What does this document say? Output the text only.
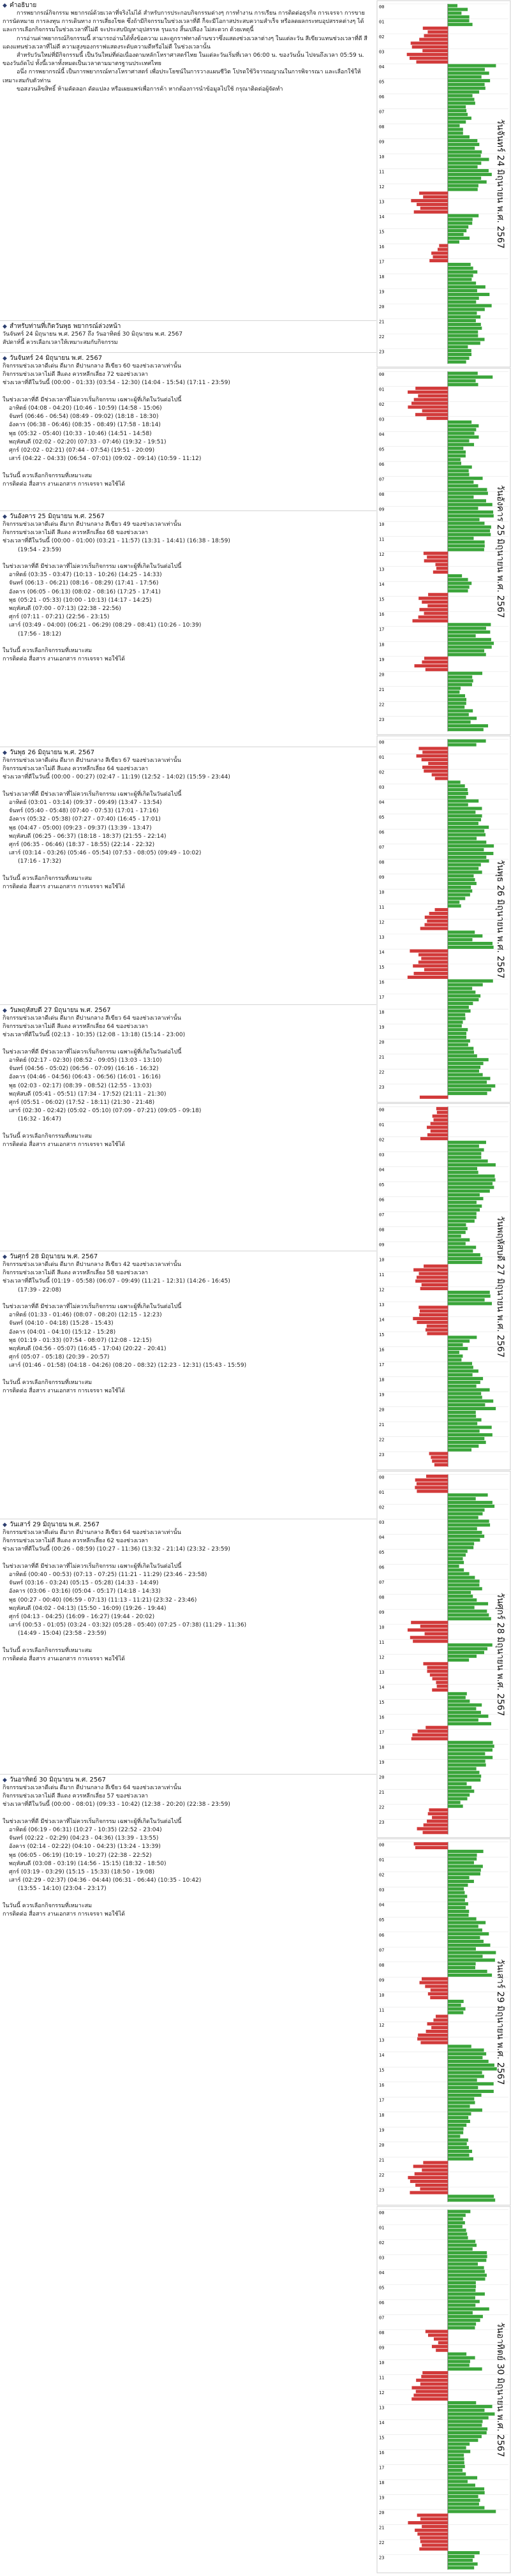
◆ คำอธิบาย

การพยากรณ์กิจกรรม พยากรณ์ด้วยเวลาที่จริงไม่ได้ สำหรับการประกอบกิจกรรมต่างๆ การทำงาน การเรียน การติดต่อธุรกิจ การเจรจา การขาย การนัดหมาย การลงทุน การเดินทาง การเสี่ยงโชค ซึ่งถ้ามีกิจกรรมในช่วงเวลาที่ดี ก็จะมีโอกาสประสบความสำเร็จ หรือลดผลกระทบอุปสรรคต่างๆ ได้ และการเลือกกิจกรรมในช่วงเวลาที่ไม่ดี จะประสบปัญหาอุปสรรค รุนแรง สิ้นเปลือง ไม่สะดวก ด้วยเหตุนี้

การอ่านค่าพยากรณ์กิจกรรมนี้ สามารถอ่านได้ทั้งข้อความ และดูกราฟทางด้านขวาซึ่งแสดงช่วงเวลาต่างๆ ในแต่ละวัน สีเขียวแทนช่วงเวลาที่ดี สีแดงแทนช่วงเวลาที่ไม่ดี ความสูงของกราฟแสดงระดับความดีหรือไม่ดี ในช่วงเวลานั้น

สำหรับวันใหม่ที่มีกิจกรรมนี้ เป็นวันใหม่ที่ต่อเนื่องตามหลักโหราศาสตร์ไทย ในแต่ละวันเริ่มที่เวลา 06:00 น. ของวันนั้น ไปจนถึงเวลา 05:59 น. ของวันถัดไป ทั้งนี้เวลาทั้งหมดเป็นเวลาตามมาตรฐานประเทศไทย

อนึ่ง การพยากรณ์นี้ เป็นการพยากรณ์ทางโหราศาสตร์ เพื่อประโยชน์ในการวางแผนชีวิต โปรดใช้วิจารณญาณในการพิจารณา และเลือกใช้ให้เหมาะสมกับตัวท่าน

ขอสงวนลิขสิทธิ์ ห้ามคัดลอก ดัดแปลง หรือเผยแพร่เพื่อการค้า หากต้องการนำข้อมูลไปใช้ กรุณาติดต่อผู้จัดทำ

◆ สำหรับท่านที่เกิดวันพุธ พยากรณ์ล่วงหน้า

วันจันทร์ 24 มิถุนายน พ.ศ. 2567 ถึง วันอาทิตย์ 30 มิถุนายน พ.ศ. 2567

สัปดาห์นี้ ควรเลือกเวลาให้เหมาะสมกับกิจกรรม

◆ วันจันทร์ 24 มิถุนายน พ.ศ. 2567

กิจกรรมช่วงเวลาดีเด่น ดีมาก ดีปานกลาง สีเขียว 60 ของช่วงเวลาเท่านั้น

กิจกรรมช่วงเวลาไม่ดี สีแดง ควรหลีกเลี่ยง 72 ของช่วงเวลา

ช่วงเวลาที่ดีในวันนี้ (00:00 - 01:33) (03:54 - 12:30) (14:04 - 15:54) (17:11 - 23:59)

ในช่วงเวลาที่ดี มีช่วงเวลาที่ไม่ควรเริ่มกิจกรรม เฉพาะผู้ที่เกิดในวันต่อไปนี้

อาทิตย์ (04:08 - 04:20) (10:46 - 10:59) (14:58 - 15:06)

จันทร์ (06:46 - 06:54) (08:49 - 09:02) (18:18 - 18:30)

อังคาร (06:38 - 06:46) (08:35 - 08:49) (17:58 - 18:14)

พุธ (05:32 - 05:40) (10:33 - 10:46) (14:51 - 14:58)

พฤหัสบดี (02:02 - 02:20) (07:33 - 07:46) (19:32 - 19:51)

ศุกร์ (02:02 - 02:21) (07:44 - 07:54) (19:51 - 20:09)

เสาร์ (04:22 - 04:33) (06:54 - 07:01) (09:02 - 09:14) (10:59 - 11:12)

ในวันนี้ ควรเลือกกิจกรรมที่เหมาะสม

การติดต่อ สื่อสาร งานเอกสาร การเจรจา พอใช้ได้

◆ วันอังคาร 25 มิถุนายน พ.ศ. 2567

กิจกรรมช่วงเวลาดีเด่น ดีมาก ดีปานกลาง สีเขียว 49 ของช่วงเวลาเท่านั้น

กิจกรรมช่วงเวลาไม่ดี สีแดง ควรหลีกเลี่ยง 68 ของช่วงเวลา

ช่วงเวลาที่ดีในวันนี้ (00:00 - 01:00) (03:21 - 11:57) (13:31 - 14:41) (16:38 - 18:59)

(19:54 - 23:59)

ในช่วงเวลาที่ดี มีช่วงเวลาที่ไม่ควรเริ่มกิจกรรม เฉพาะผู้ที่เกิดในวันต่อไปนี้

อาทิตย์ (03:35 - 03:47) (10:13 - 10:26) (14:25 - 14:33)

จันทร์ (06:13 - 06:21) (08:16 - 08:29) (17:41 - 17:56)

อังคาร (06:05 - 06:13) (08:02 - 08:16) (17:25 - 17:41)

พุธ (05:21 - 05:33) (10:00 - 10:13) (14:17 - 14:25)

พฤหัสบดี (07:00 - 07:13) (22:38 - 22:56)

ศุกร์ (07:11 - 07:21) (22:56 - 23:15)

เสาร์ (03:49 - 04:00) (06:21 - 06:29) (08:29 - 08:41) (10:26 - 10:39)

(17:56 - 18:12)

ในวันนี้ ควรเลือกกิจกรรมที่เหมาะสม

การติดต่อ สื่อสาร งานเอกสาร การเจรจา พอใช้ได้

◆ วันพุธ 26 มิถุนายน พ.ศ. 2567

กิจกรรมช่วงเวลาดีเด่น ดีมาก ดีปานกลาง สีเขียว 67 ของช่วงเวลาเท่านั้น

กิจกรรมช่วงเวลาไม่ดี สีแดง ควรหลีกเลี่ยง 64 ของช่วงเวลา

ช่วงเวลาที่ดีในวันนี้ (00:00 - 00:27) (02:47 - 11:19) (12:52 - 14:02) (15:59 - 23:44)

ในช่วงเวลาที่ดี มีช่วงเวลาที่ไม่ควรเริ่มกิจกรรม เฉพาะผู้ที่เกิดในวันต่อไปนี้

อาทิตย์ (03:01 - 03:14) (09:37 - 09:49) (13:47 - 13:54)

จันทร์ (05:40 - 05:48) (07:40 - 07:53) (17:01 - 17:16)

อังคาร (05:32 - 05:38) (07:27 - 07:40) (16:45 - 17:01)

พุธ (04:47 - 05:00) (09:23 - 09:37) (13:39 - 13:47)

พฤหัสบดี (06:25 - 06:37) (18:18 - 18:37) (21:55 - 22:14)

ศุกร์ (06:35 - 06:46) (18:37 - 18:55) (22:14 - 22:32)

เสาร์ (03:14 - 03:26) (05:46 - 05:54) (07:53 - 08:05) (09:49 - 10:02)

(17:16 - 17:32)

ในวันนี้ ควรเลือกกิจกรรมที่เหมาะสม

การติดต่อ สื่อสาร งานเอกสาร การเจรจา พอใช้ได้

◆ วันพฤหัสบดี 27 มิถุนายน พ.ศ. 2567

กิจกรรมช่วงเวลาดีเด่น ดีมาก ดีปานกลาง สีเขียว 64 ของช่วงเวลาเท่านั้น

กิจกรรมช่วงเวลาไม่ดี สีแดง ควรหลีกเลี่ยง 64 ของช่วงเวลา

ช่วงเวลาที่ดีในวันนี้ (02:13 - 10:35) (12:08 - 13:18) (15:14 - 23:00)

ในช่วงเวลาที่ดี มีช่วงเวลาที่ไม่ควรเริ่มกิจกรรม เฉพาะผู้ที่เกิดในวันต่อไปนี้

อาทิตย์ (02:17 - 02:30) (08:52 - 09:05) (13:03 - 13:10)

จันทร์ (04:56 - 05:02) (06:56 - 07:09) (16:16 - 16:32)

อังคาร (04:46 - 04:56) (06:43 - 06:56) (16:01 - 16:16)

พุธ (02:03 - 02:17) (08:39 - 08:52) (12:55 - 13:03)

พฤหัสบดี (05:41 - 05:51) (17:34 - 17:52) (21:11 - 21:30)

ศุกร์ (05:51 - 06:02) (17:52 - 18:11) (21:30 - 21:48)

เสาร์ (02:30 - 02:42) (05:02 - 05:10) (07:09 - 07:21) (09:05 - 09:18)

(16:32 - 16:47)

ในวันนี้ ควรเลือกกิจกรรมที่เหมาะสม

การติดต่อ สื่อสาร งานเอกสาร การเจรจา พอใช้ได้

◆ วันศุกร์ 28 มิถุนายน พ.ศ. 2567

กิจกรรมช่วงเวลาดีเด่น ดีมาก ดีปานกลาง สีเขียว 42 ของช่วงเวลาเท่านั้น

กิจกรรมช่วงเวลาไม่ดี สีแดง ควรหลีกเลี่ยง 58 ของช่วงเวลา

ช่วงเวลาที่ดีในวันนี้ (01:19 - 05:58) (06:07 - 09:49) (11:21 - 12:31) (14:26 - 16:45)

(17:39 - 22:08)

ในช่วงเวลาที่ดี มีช่วงเวลาที่ไม่ควรเริ่มกิจกรรม เฉพาะผู้ที่เกิดในวันต่อไปนี้

อาทิตย์ (01:33 - 01:46) (08:07 - 08:20) (12:15 - 12:23)

จันทร์ (04:10 - 04:18) (15:28 - 15:43)

อังคาร (04:01 - 04:10) (15:12 - 15:28)

พุธ (01:19 - 01:33) (07:54 - 08:07) (12:08 - 12:15)

พฤหัสบดี (04:56 - 05:07) (16:45 - 17:04) (20:22 - 20:41)

ศุกร์ (05:07 - 05:18) (20:39 - 20:57)

เสาร์ (01:46 - 01:58) (04:18 - 04:26) (08:20 - 08:32) (12:23 - 12:31) (15:43 - 15:59)

ในวันนี้ ควรเลือกกิจกรรมที่เหมาะสม

การติดต่อ สื่อสาร งานเอกสาร การเจรจา พอใช้ได้

◆ วันเสาร์ 29 มิถุนายน พ.ศ. 2567

กิจกรรมช่วงเวลาดีเด่น ดีมาก ดีปานกลาง สีเขียว 64 ของช่วงเวลาเท่านั้น

กิจกรรมช่วงเวลาไม่ดี สีแดง ควรหลีกเลี่ยง 62 ของช่วงเวลา

ช่วงเวลาที่ดีในวันนี้ (00:26 - 08:59) (10:27 - 11:36) (13:32 - 21:14) (23:32 - 23:59)

ในช่วงเวลาที่ดี มีช่วงเวลาที่ไม่ควรเริ่มกิจกรรม เฉพาะผู้ที่เกิดในวันต่อไปนี้

อาทิตย์ (00:40 - 00:53) (07:13 - 07:25) (11:21 - 11:29) (23:46 - 23:58)

จันทร์ (03:16 - 03:24) (05:15 - 05:28) (14:33 - 14:49)

อังคาร (03:06 - 03:16) (05:04 - 05:17) (14:18 - 14:33)

พุธ (00:27 - 00:40) (06:59 - 07:13) (11:13 - 11:21) (23:32 - 23:46)

พฤหัสบดี (04:02 - 04:13) (15:50 - 16:09) (19:26 - 19:44)

ศุกร์ (04:13 - 04:25) (16:09 - 16:27) (19:44 - 20:02)

เสาร์ (00:53 - 01:05) (03:24 - 03:32) (05:28 - 05:40) (07:25 - 07:38) (11:29 - 11:36)

(14:49 - 15:04) (23:58 - 23:59)

ในวันนี้ ควรเลือกกิจกรรมที่เหมาะสม

การติดต่อ สื่อสาร งานเอกสาร การเจรจา พอใช้ได้

◆ วันอาทิตย์ 30 มิถุนายน พ.ศ. 2567

กิจกรรมช่วงเวลาดีเด่น ดีมาก ดีปานกลาง สีเขียว 64 ของช่วงเวลาเท่านั้น

กิจกรรมช่วงเวลาไม่ดี สีแดง ควรหลีกเลี่ยง 57 ของช่วงเวลา

ช่วงเวลาที่ดีในวันนี้ (00:00 - 08:01) (09:33 - 10:42) (12:38 - 20:20) (22:38 - 23:59)

ในช่วงเวลาที่ดี มีช่วงเวลาที่ไม่ควรเริ่มกิจกรรม เฉพาะผู้ที่เกิดในวันต่อไปนี้

อาทิตย์ (06:19 - 06:31) (10:27 - 10:35) (22:52 - 23:04)

จันทร์ (02:22 - 02:29) (04:23 - 04:36) (13:39 - 13:55)

อังคาร (02:14 - 02:22) (04:10 - 04:23) (13:24 - 13:39)

พุธ (06:05 - 06:19) (10:19 - 10:27) (22:38 - 22:52)

พฤหัสบดี (03:08 - 03:19) (14:56 - 15:15) (18:32 - 18:50)

ศุกร์ (03:19 - 03:29) (15:15 - 15:33) (18:50 - 19:08)

เสาร์ (02:29 - 02:37) (04:36 - 04:44) (06:31 - 06:44) (10:35 - 10:42)

(13:55 - 14:10) (23:04 - 23:17)

ในวันนี้ ควรเลือกกิจกรรมที่เหมาะสม

การติดต่อ สื่อสาร งานเอกสาร การเจรจา พอใช้ได้

00
01
02
03
04
05
06
07
08
09
10
11
12
13
14
15
16
17
18
19
20
21
22
23
วันจันทร์ 24 มิถุนายน พ.ศ. 2567
00
01
02
03
04
05
06
07
08
09
10
11
12
13
14
15
16
17
18
19
20
21
22
23
วันอังคาร 25 มิถุนายน พ.ศ. 2567
00
01
02
03
04
05
06
07
08
09
10
11
12
13
14
15
16
17
18
19
20
21
22
23
วันพุธ 26 มิถุนายน พ.ศ. 2567
00
01
02
03
04
05
06
07
08
09
10
11
12
13
14
15
16
17
18
19
20
21
22
23
วันพฤหัสบดี 27 มิถุนายน พ.ศ. 2567
00
01
02
03
04
05
06
07
08
09
10
11
12
13
14
15
16
17
18
19
20
21
22
23
วันศุกร์ 28 มิถุนายน พ.ศ. 2567
00
01
02
03
04
05
06
07
08
09
10
11
12
13
14
15
16
17
18
19
20
21
22
23
วันเสาร์ 29 มิถุนายน พ.ศ. 2567
00
01
02
03
04
05
06
07
08
09
10
11
12
13
14
15
16
17
18
19
20
21
22
23
วันอาทิตย์ 30 มิถุนายน พ.ศ. 2567
